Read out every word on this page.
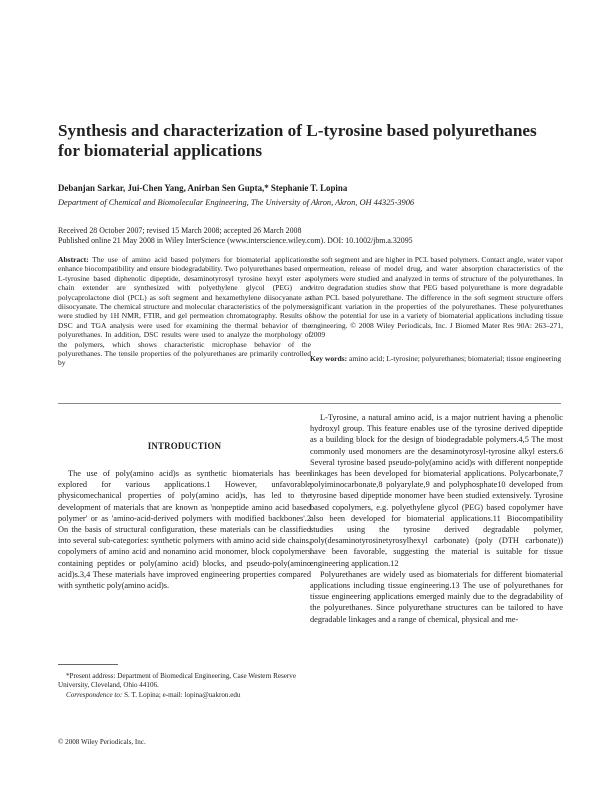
Synthesis and characterization of L-tyrosine based polyurethanes for biomaterial applications
Debanjan Sarkar, Jui-Chen Yang, Anirban Sen Gupta,* Stephanie T. Lopina
Department of Chemical and Biomolecular Engineering, The University of Akron, Akron, OH 44325-3906
Received 28 October 2007; revised 15 March 2008; accepted 26 March 2008
Published online 21 May 2008 in Wiley InterScience (www.interscience.wiley.com). DOI: 10.1002/jbm.a.32095
Abstract: The use of amino acid based polymers for biomaterial applications enhance biocompatibility and ensure biodegradability. Two polyurethanes based on L-tyrosine based diphenolic dipeptide, desaminotyrosyl tyrosine hexyl ester as chain extender are synthesized with polyethylene glycol (PEG) and polycaprolactone diol (PCL) as soft segment and hexamethylene diisocyanate as diisocyanate. The chemical structure and molecular characteristics of the polymers were studied by 1H NMR, FTIR, and gel permeation chromatography. Results of DSC and TGA analysis were used for examining the thermal behavior of the polyurethanes. In addition, DSC results were used to analyze the morphology of the polymers, which shows characteristic microphase behavior of the polyurethanes. The tensile properties of the polyurethanes are primarily controlled by
the soft segment and are higher in PCL based polymers. Contact angle, water vapor permeation, release of model drug, and water absorption characteristics of the polymers were studied and analyzed in terms of structure of the polyurethanes. In vitro degradation studies show that PEG based polyurethane is more degradable than PCL based polyurethane. The difference in the soft segment structure offers significant variation in the properties of the polyurethanes. These polyurethanes show the potential for use in a variety of biomaterial applications including tissue engineering. © 2008 Wiley Periodicals, Inc. J Biomed Mater Res 90A: 263–271, 2009
Key words: amino acid; L-tyrosine; polyurethanes; biomaterial; tissue engineering
INTRODUCTION
The use of poly(amino acid)s as synthetic biomaterials has been explored for various applications.1 However, unfavorable physicomechanical properties of poly(amino acid)s, has led to the development of materials that are known as 'nonpeptide amino acid based polymer' or as 'amino-acid-derived polymers with modified backbones'.2 On the basis of structural configuration, these materials can be classified into several sub-categories: synthetic polymers with amino acid side chains, copolymers of amino acid and nonamino acid monomer, block copolymers containing peptides or poly(amino acid) blocks, and pseudo-poly(amino acid)s.3,4 These materials have improved engineering properties compared with synthetic poly(amino acid)s.

L-Tyrosine, a natural amino acid, is a major nutrient having a phenolic hydroxyl group. This feature enables use of the tyrosine derived dipeptide as a building block for the design of biodegradable polymers.4,5 The most commonly used monomers are the desaminotyrosyl-tyrosine alkyl esters.6 Several tyrosine based pseudo-poly(amino acid)s with different nonpeptide linkages has been developed for biomaterial applications. Polycarbonate,7 polyiminocarbonate,8 polyarylate,9 and polyphosphate10 developed from tyrosine based dipeptide monomer have been studied extensively. Tyrosine based copolymers, e.g. polyethylene glycol (PEG) based copolymer have also been developed for biomaterial applications.11 Biocompatibility studies using the tyrosine derived degradable polymer, poly(desaminotyrosinetyrosylhexyl carbonate) (poly (DTH carbonate)) have been favorable, suggesting the material is suitable for tissue engineering application.12

Polyurethanes are widely used as biomaterials for different biomaterial applications including tissue engineering.13 The use of polyurethanes for tissue engineering applications emerged mainly due to the degradability of the polyurethanes. Since polyurethane structures can be tailored to have degradable linkages and a range of chemical, physical and me-

*Present address: Department of Biomedical Engineering, Case Western Reserve University, Cleveland, Ohio 44106.

Correspondence to: S. T. Lopina; e-mail: lopina@uakron.edu

© 2008 Wiley Periodicals, Inc.
